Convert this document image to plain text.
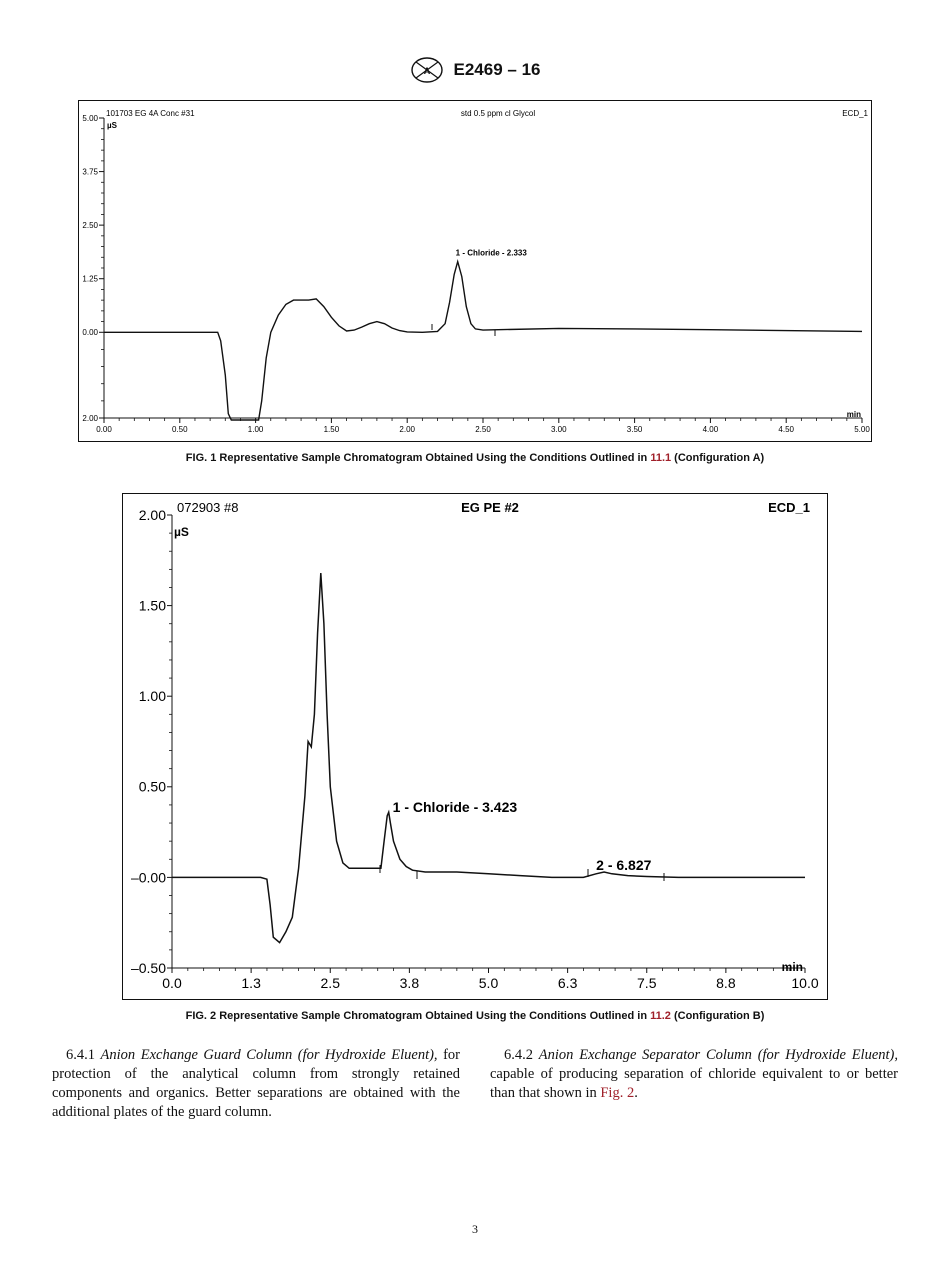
A E2469 – 16
5.00
3.75
2.50
1.25
0.00
2.00
0.00	0.50	1.00	1.50	2.00	2.50	3.00	3.50	4.00	4.50	5.00
101703 EG 4A Conc #31	std 0.5 ppm cl Glycol	ECD_1
µS
min
1 - Chloride - 2.333
FIG. 1 Representative Sample Chromatogram Obtained Using the Conditions Outlined in 11.1 (Configuration A)
2.00
1.50
1.00
0.50
–0.00
–0.50
0.0	1.3	2.5	3.8	5.0	6.3	7.5	8.8	10.0
072903 #8	EG PE #2	ECD_1
µS
min
1 - Chloride - 3.423
2 - 6.827
FIG. 2 Representative Sample Chromatogram Obtained Using the Conditions Outlined in 11.2 (Configuration B)
6.4.1 Anion Exchange Guard Column (for Hydroxide Eluent), for protection of the analytical column from strongly retained components and organics. Better separations are obtained with the additional plates of the guard column.
6.4.2 Anion Exchange Separator Column (for Hydroxide Eluent), capable of producing separation of chloride equivalent to or better than that shown in Fig. 2.
3
